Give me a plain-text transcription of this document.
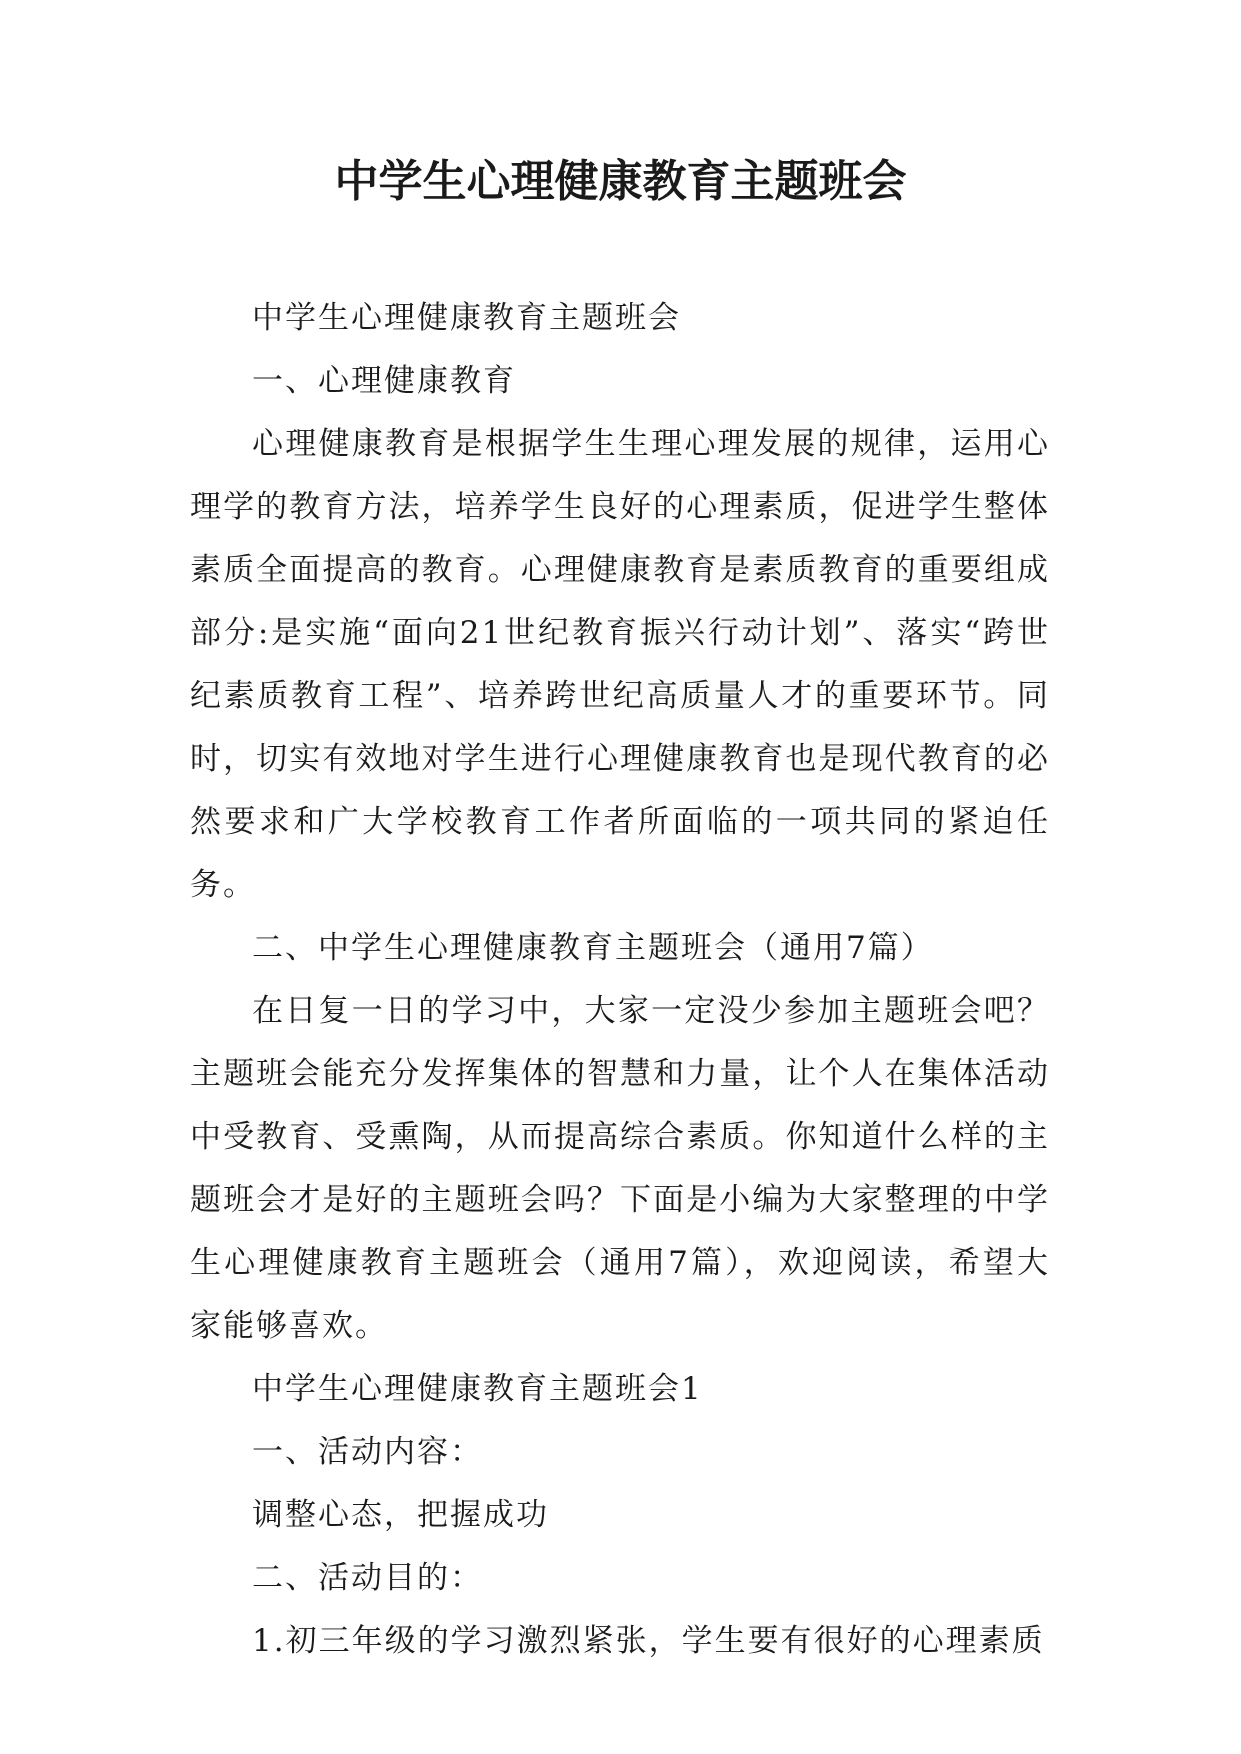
中学生心理健康教育主题班会

中学生心理健康教育主题班会

一、心理健康教育

心理健康教育是根据学生生理心理发展的规律，运用心理学的教育方法，培养学生良好的心理素质，促进学生整体素质全面提高的教育。心理健康教育是素质教育的重要组成部分:是实施“面向21世纪教育振兴行动计划”、落实“跨世纪素质教育工程”、培养跨世纪高质量人才的重要环节。同时，切实有效地对学生进行心理健康教育也是现代教育的必然要求和广大学校教育工作者所面临的一项共同的紧迫任务。

二、中学生心理健康教育主题班会（通用7篇）

在日复一日的学习中，大家一定没少参加主题班会吧？主题班会能充分发挥集体的智慧和力量，让个人在集体活动中受教育、受熏陶，从而提高综合素质。你知道什么样的主题班会才是好的主题班会吗？下面是小编为大家整理的中学生心理健康教育主题班会（通用7篇），欢迎阅读，希望大家能够喜欢。

中学生心理健康教育主题班会1

一、活动内容：

调整心态，把握成功

二、活动目的：

1.初三年级的学习激烈紧张，学生要有很好的心理素质
